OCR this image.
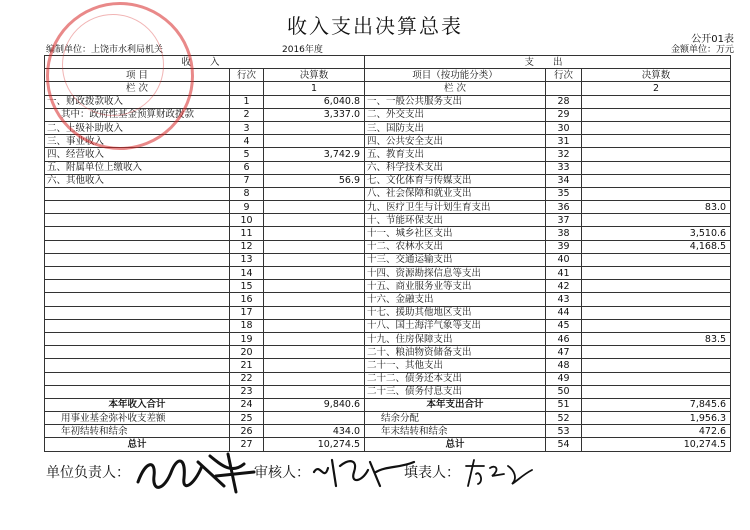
收入支出决算总表
公开01表
编制单位：上饶市水利局机关	2016年度	金额单位：万元
收 入			支 出		
项 目	行次	决算数	项目（按功能分类）	行次	决算数
栏 次		1	栏 次		2
一、财政拨款收入	1	6,040.8	一、一般公共服务支出	28	
其中：政府性基金预算财政拨款	2	3,337.0	二、外交支出	29	
二、上级补助收入	3		三、国防支出	30	
三、事业收入	4		四、公共安全支出	31	
四、经营收入	5	3,742.9	五、教育支出	32	
五、附属单位上缴收入	6		六、科学技术支出	33	
六、其他收入	7	56.9	七、文化体育与传媒支出	34	
	8		八、社会保障和就业支出	35	
	9		九、医疗卫生与计划生育支出	36	83.0
	10		十、节能环保支出	37	
	11		十一、城乡社区支出	38	3,510.6
	12		十二、农林水支出	39	4,168.5
	13		十三、交通运输支出	40	
	14		十四、资源勘探信息等支出	41	
	15		十五、商业服务业等支出	42	
	16		十六、金融支出	43	
	17		十七、援助其他地区支出	44	
	18		十八、国土海洋气象等支出	45	
	19		十九、住房保障支出	46	83.5
	20		二十、粮油物资储备支出	47	
	21		二十一、其他支出	48	
	22		二十二、债务还本支出	49	
	23		二十三、债务付息支出	50	
本年收入合计	24	9,840.6	本年支出合计	51	7,845.6
用事业基金弥补收支差额	25		结余分配	52	1,956.3
年初结转和结余	26	434.0	年末结转和结余	53	472.6
总计	27	10,274.5	总计	54	10,274.5
单位负责人：	审核人：	填表人：
